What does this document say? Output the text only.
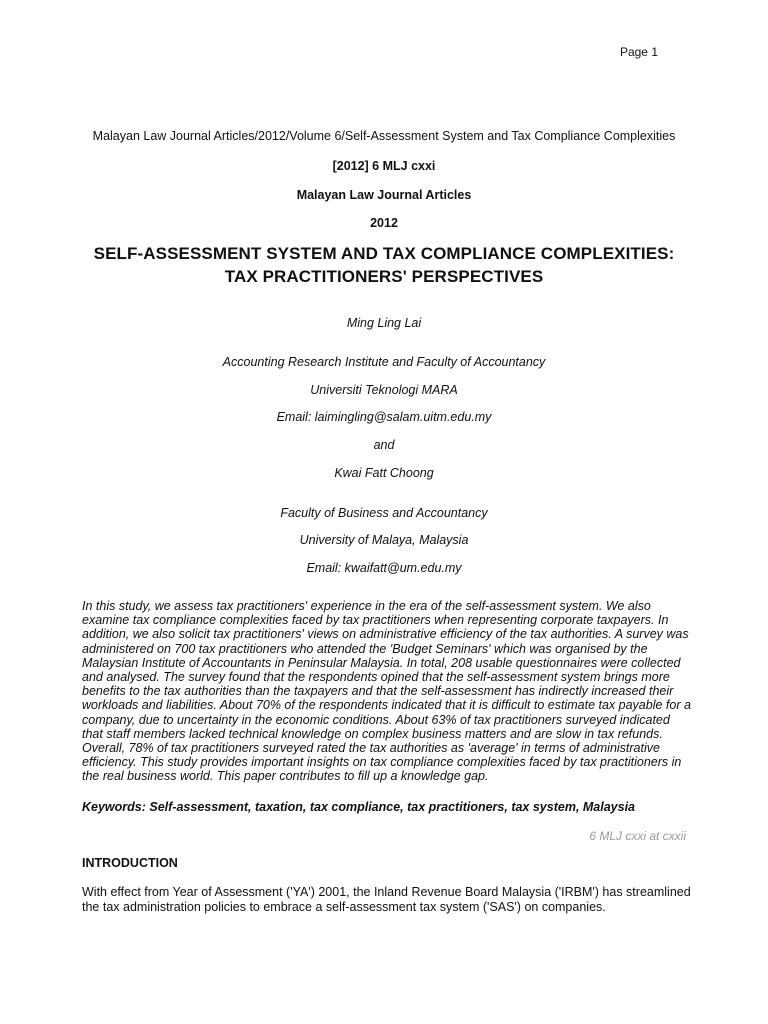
Page 1
Malayan Law Journal Articles/2012/Volume 6/Self-Assessment System and Tax Compliance Complexities
[2012] 6 MLJ cxxi
Malayan Law Journal Articles
2012
SELF-ASSESSMENT SYSTEM AND TAX COMPLIANCE COMPLEXITIES:
TAX PRACTITIONERS' PERSPECTIVES
Ming Ling Lai
Accounting Research Institute and Faculty of Accountancy
Universiti Teknologi MARA
Email: laimingling@salam.uitm.edu.my
and
Kwai Fatt Choong
Faculty of Business and Accountancy
University of Malaya, Malaysia
Email: kwaifatt@um.edu.my

In this study, we assess tax practitioners' experience in the era of the self-assessment system. We also examine tax compliance complexities faced by tax practitioners when representing corporate taxpayers. In addition, we also solicit tax practitioners' views on administrative efficiency of the tax authorities. A survey was administered on 700 tax practitioners who attended the 'Budget Seminars' which was organised by the Malaysian Institute of Accountants in Peninsular Malaysia. In total, 208 usable questionnaires were collected and analysed. The survey found that the respondents opined that the self-assessment system brings more benefits to the tax authorities than the taxpayers and that the self-assessment has indirectly increased their workloads and liabilities. About 70% of the respondents indicated that it is difficult to estimate tax payable for a company, due to uncertainty in the economic conditions. About 63% of tax practitioners surveyed indicated that staff members lacked technical knowledge on complex business matters and are slow in tax refunds. Overall, 78% of tax practitioners surveyed rated the tax authorities as 'average' in terms of administrative efficiency. This study provides important insights on tax compliance complexities faced by tax practitioners in the real business world. This paper contributes to fill up a knowledge gap.

Keywords: Self-assessment, taxation, tax compliance, tax practitioners, tax system, Malaysia
6 MLJ cxxi at cxxii
INTRODUCTION

With effect from Year of Assessment ('YA') 2001, the Inland Revenue Board Malaysia ('IRBM') has streamlined the tax administration policies to embrace a self-assessment tax system ('SAS') on companies.
